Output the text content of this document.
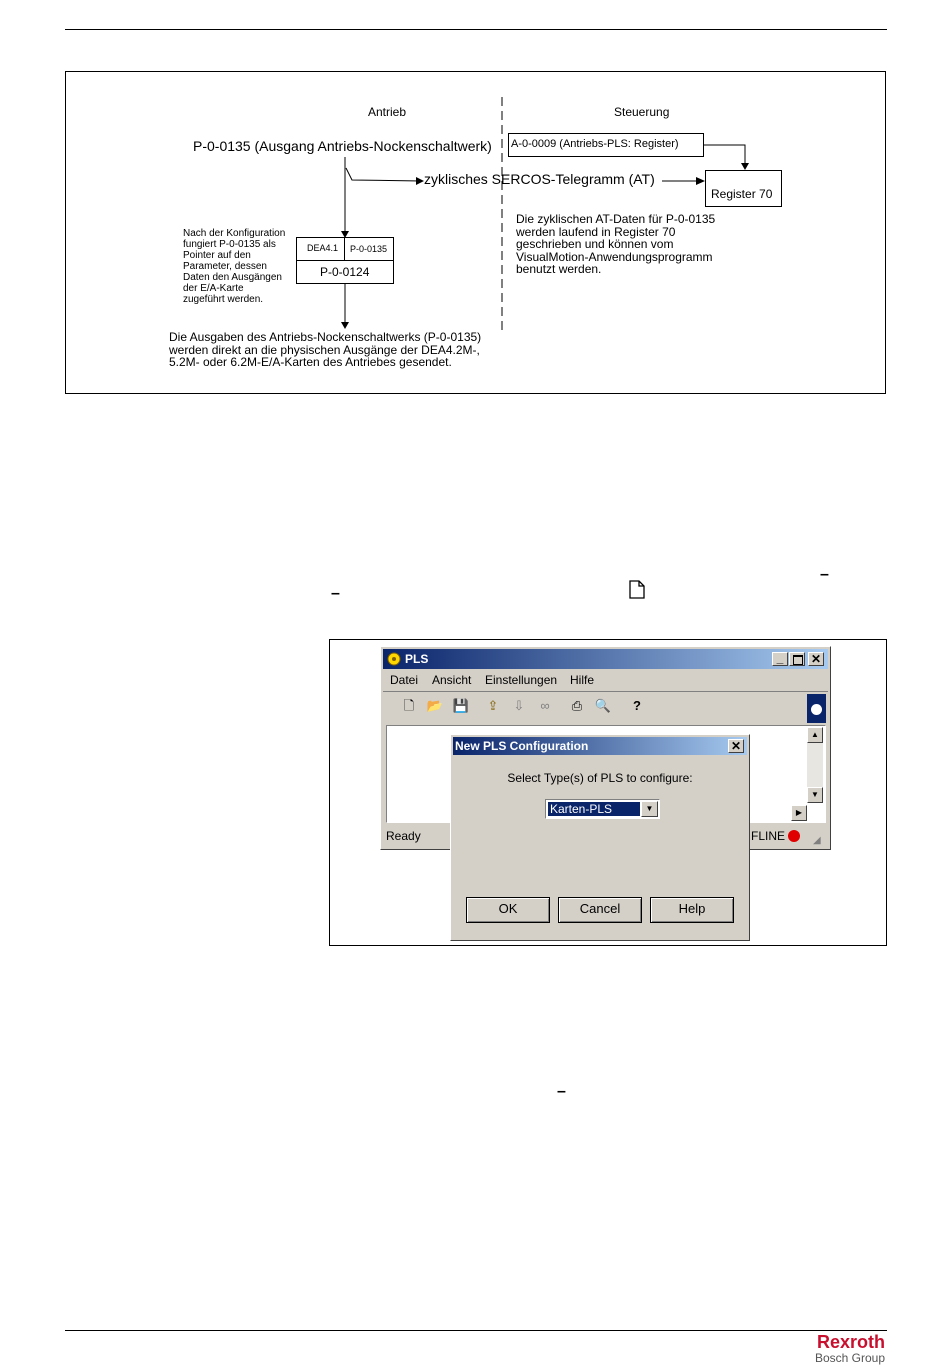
Antrieb	Steuerung
P-0-0135 (Ausgang Antriebs-Nockenschaltwerk) A-0-0009 (Antriebs-PLS: Register)
zyklisches SERCOS-Telegramm (AT)
Register 70
Nach der Konfiguration
fungiert P-0-0135 als
Pointer auf den
Parameter, dessen
Daten den Ausgängen
der E/A-Karte
zugeführt werden.
DEA4.1 P-0-0135
P-0-0124
Die zyklischen AT-Daten für P-0-0135
werden laufend in Register 70
geschrieben und können vom
VisualMotion-Anwendungsprogramm
benutzt werden.
Die Ausgaben des Antriebs-Nockenschaltwerks (P-0-0135)
werden direkt an die physischen Ausgänge der DEA4.2M-,
5.2M- oder 6.2M-E/A-Karten des Antriebes gesendet.
–
–
PLS	_	✕
Datei Ansicht Einstellungen Hilfe
🗋 📂 💾 ⇪ ⇩	∞	⎙ 🔍	?
▲
▼
▶
Ready	FLINE	◢
New PLS Configuration	✕
Select Type(s) of PLS to configure:
Karten-PLS	▼
OK	Cancel	Help
–
Rexroth
Bosch Group
